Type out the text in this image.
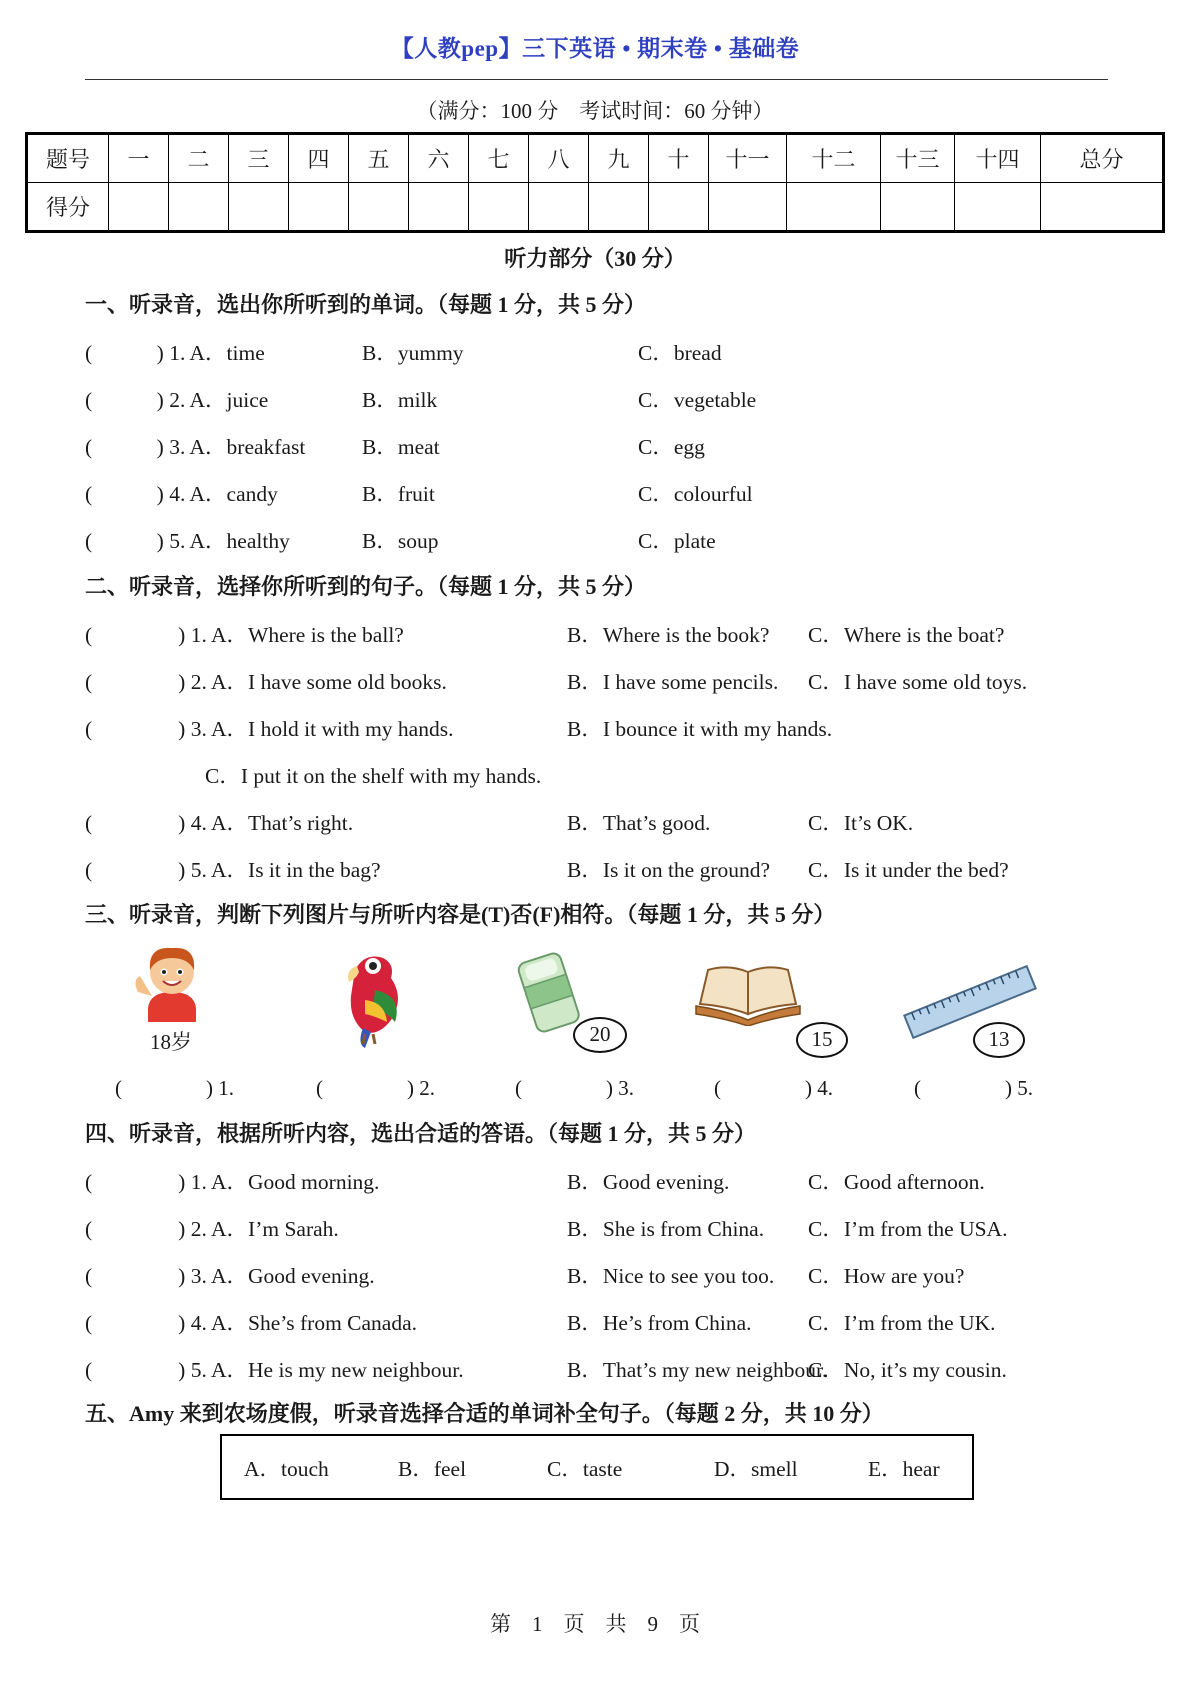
【人教pep】三下英语 • 期末卷 • 基础卷
（满分：100 分　考试时间：60 分钟）
题号	一	二	三	四	五	六	七	八	九	十	十一	十二	十三	十四	总分
得分															
听力部分（30 分）
一、听录音，选出你所听到的单词。（每题 1 分，共 5 分）
(　　　) 1. A．time	B．yummy	C．bread
(　　　) 2. A．juice	B．milk	C．vegetable
(　　　) 3. A．breakfast	B．meat	C．egg
(　　　) 4. A．candy	B．fruit	C．colourful
(　　　) 5. A．healthy	B．soup	C．plate
二、听录音，选择你所听到的句子。（每题 1 分，共 5 分）
(　　　　) 1. A．Where is the ball?	B．Where is the book? C．Where is the boat?
(　　　　) 2. A．I have some old books.	B．I have some pencils. C．I have some old toys.
(　　　　) 3. A．I hold it with my hands.	B．I bounce it with my hands.
C．I put it on the shelf with my hands.
(　　　　) 4. A．That’s right.	B．That’s good.	C．It’s OK.
(　　　　) 5. A．Is it in the bag?	B．Is it on the ground? C．Is it under the bed?
三、听录音，判断下列图片与所听内容是(T)否(F)相符。（每题 1 分，共 5 分）
18岁	20	15	13
(　　　　) 1.	(　　　　) 2.	(　　　　) 3.	(　　　　) 4.	(　　　　) 5.
四、听录音，根据所听内容，选出合适的答语。（每题 1 分，共 5 分）
(　　　　) 1. A．Good morning.	B．Good evening.	C．Good afternoon.
(　　　　) 2. A．I’m Sarah.	B．She is from China. C．I’m from the USA.
(　　　　) 3. A．Good evening.	B．Nice to see you too. C．How are you?
(　　　　) 4. A．She’s from Canada.	B．He’s from China.	C．I’m from the UK.
(　　　　) 5. A．He is my new neighbour.	B．That’s my new neighbour.
C．No, it’s my cousin.
五、Amy 来到农场度假，听录音选择合适的单词补全句子。（每题 2 分，共 10 分）
A．touch	B．feel	C．taste	D．smell	E．hear
第　1　页　共　9　页
